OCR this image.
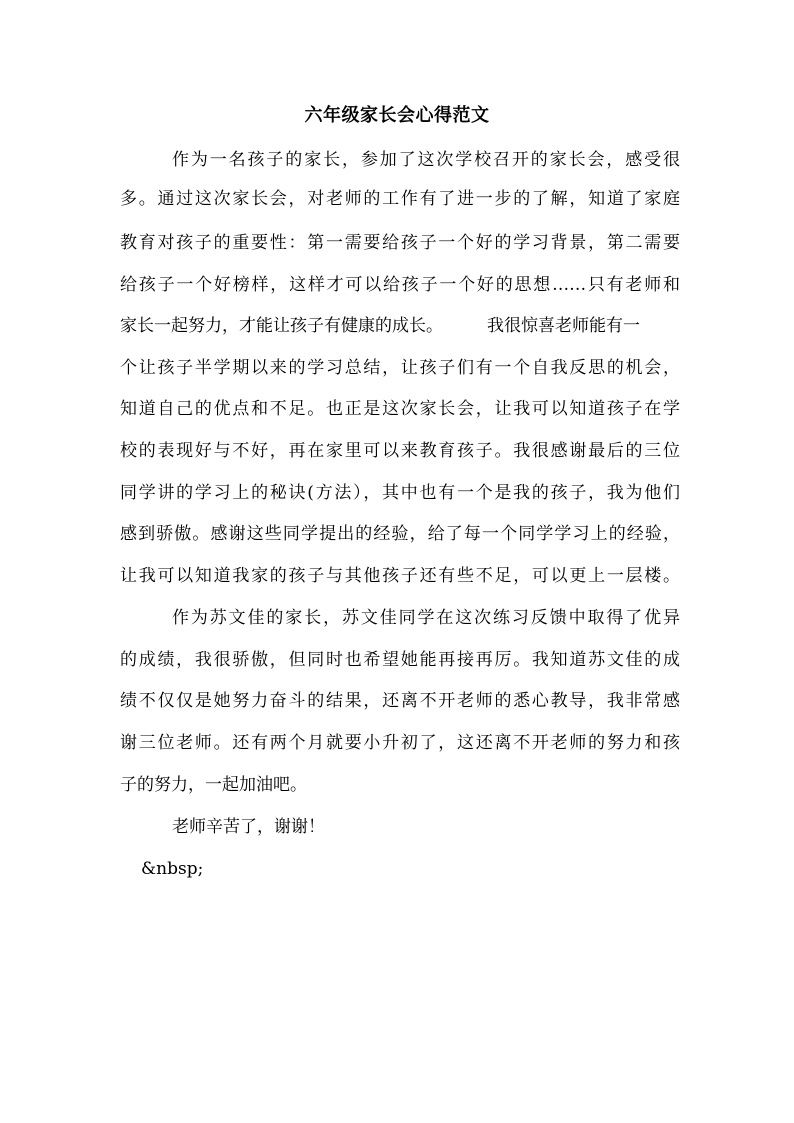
六年级家长会心得范文
作为一名孩子的家长，参加了这次学校召开的家长会，感受很
多。通过这次家长会，对老师的工作有了进一步的了解，知道了家庭
教育对孩子的重要性：第一需要给孩子一个好的学习背景，第二需要
给孩子一个好榜样，这样才可以给孩子一个好的思想……只有老师和
家长一起努力，才能让孩子有健康的成长。	我很惊喜老师能有一
个让孩子半学期以来的学习总结，让孩子们有一个自我反思的机会，
知道自己的优点和不足。也正是这次家长会，让我可以知道孩子在学
校的表现好与不好，再在家里可以来教育孩子。我很感谢最后的三位
同学讲的学习上的秘诀(方法），其中也有一个是我的孩子，我为他们
感到骄傲。感谢这些同学提出的经验，给了每一个同学学习上的经验，
让我可以知道我家的孩子与其他孩子还有些不足，可以更上一层楼。
作为苏文佳的家长，苏文佳同学在这次练习反馈中取得了优异
的成绩，我很骄傲，但同时也希望她能再接再厉。我知道苏文佳的成
绩不仅仅是她努力奋斗的结果，还离不开老师的悉心教导，我非常感
谢三位老师。还有两个月就要小升初了，这还离不开老师的努力和孩
子的努力，一起加油吧。
老师辛苦了，谢谢！
&nbsp;
